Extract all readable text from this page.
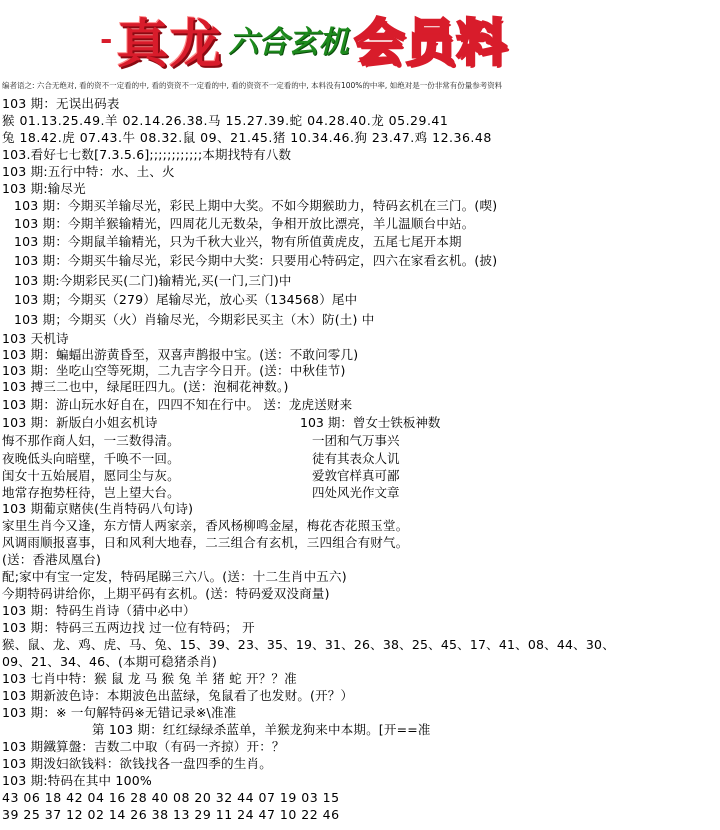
- 真龙 六合玄机 会员料
编者语之: 六合无绝对, 看的资不一定看的中, 看的资资不一定看的中, 看的资资不一定看的中, 本料没有100%的中率, 如绝对是一份非常有份量参考资料
103 期：无误出码表
猴 01.13.25.49.羊 02.14.26.38.马 15.27.39.蛇 04.28.40.龙 05.29.41
兔 18.42.虎 07.43.牛 08.32.鼠 09、21.45.猪 10.34.46.狗 23.47.鸡 12.36.48
103.看好七七数[7.3.5.6];;;;;;;;;;;;本期找特有八数
103 期:五行中特：水、土、火
103 期:输尽光
103 期：今期买羊输尽光，彩民上期中大奖。不如今期猴助力，特码玄机在三门。(喫)
103 期：今期羊猴输精光，四周花儿无数朵，争相开放比漂亮，羊儿温顺台中站。
103 期：今期鼠羊输精光，只为千秋大业兴，物有所值黄虎皮，五尾七尾开本期
103 期：今期买牛输尽光，彩民今期中大奖：只要用心特码定，四六在家看玄机。(披)
103 期:今期彩民买(二门)输精光,买(一门,三门)中
103 期；今期买（279）尾输尽光，放心买（134568）尾中
103 期；今期买（火）肖输尽光，今期彩民买主（木）防(土) 中
103 天机诗
103 期：蝙蝠出游黄昏至，双喜声鹊报中宝。(送：不敢问零几)
103 期：坐吃山空等死期，二九吉字今日开。(送：中秋佳节)
103 搏三二也中，绿尾旺四九。(送：泡桐花神数。)
103 期：游山玩水好自在，四四不知在行中。 送：龙虎送财来
103 期：新版白小姐玄机诗
悔不那作商人妇，一三数得清。
夜晚低头向暗壁，千唤不一回。
闺女十五始展眉，愿同尘与灰。
地常存抱势枉待，岂上望大台。
103 期葡京赌侠(生肖特码八句诗)
家里生肖今又逢，东方情人两家亲，香风杨柳鸣金屋，梅花杏花照玉堂。
风调雨顺报喜事，日和风利大地春，二三组合有玄机，三四组合有财气。
(送：香港凤凰台)
配;家中有宝一定发，特码尾睇三六八。(送：十二生肖中五六)
今期特码讲给你，上期平码有玄机。(送：特码爱双没商量)
103 期：特码生肖诗（猜中必中）
103 期：特码三五两边找 过一位有特码； 开
猴、鼠、龙、鸡、虎、马、兔、15、39、23、35、19、31、26、38、25、45、17、41、08、44、30、
09、21、34、46、(本期可稳猪杀肖)
103 七肖中特：猴 鼠 龙 马 猴 兔 羊 猪 蛇 开？？准
103 期新波色诗：本期波色出蓝绿，兔鼠看了也发财。(开？）
103 期：※ 一句解特码※无错记录※\准准
第 103 期：红红绿绿杀蓝单，羊猴龙狗来中本期。[开==准
103 期鐵算盤：吉数二中取（有码一齐掠）开：？
103 期泼妇欲钱料：欲钱找各一盘四季的生肖。
103 期:特码在其中 100%
43 06 18 42 04 16 28 40 08 20 32 44 07 19 03 15
39 25 37 12 02 14 26 38 13 29 11 24 47 10 22 46
103 期：曾女士铁板神数
一团和气万事兴
徒有其表众人讥
爱敦官样真可鄙
四处风光作文章
